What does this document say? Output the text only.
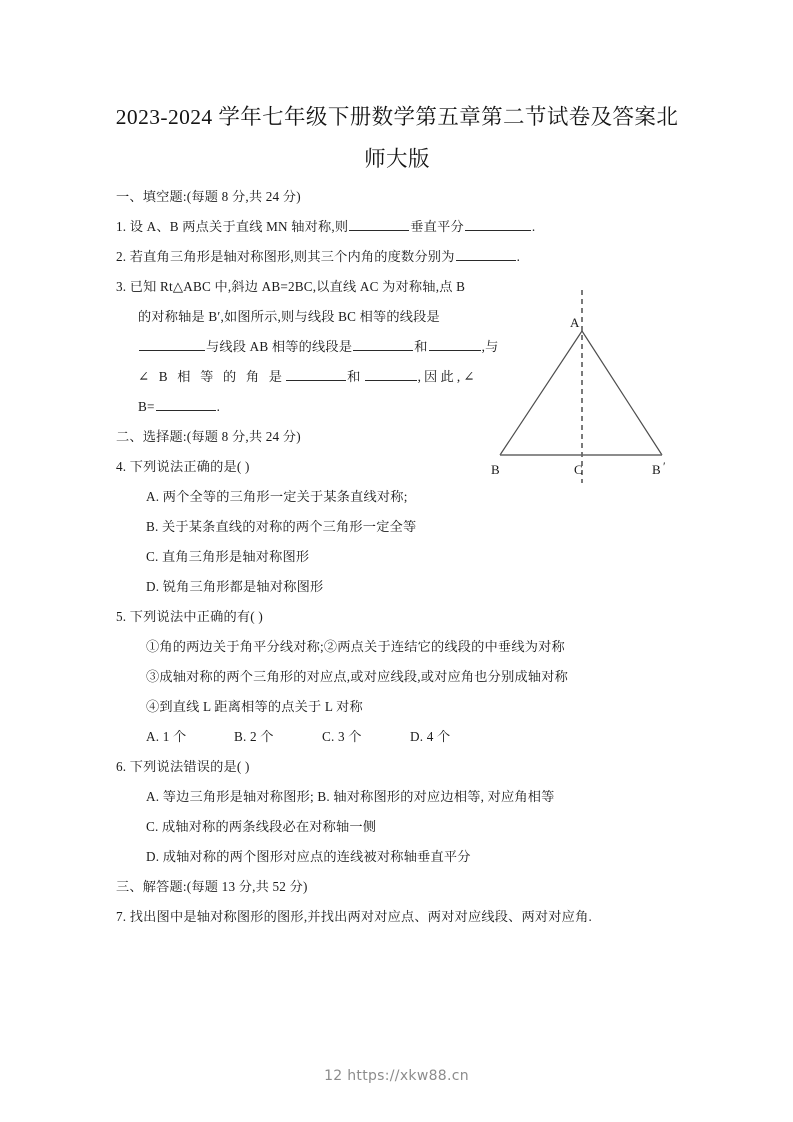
2023-2024 学年七年级下册数学第五章第二节试卷及答案北
师大版
一、填空题:(每题 8 分,共 24 分)
1. 设 A、B 两点关于直线 MN 轴对称,则	垂直平分	.
2. 若直角三角形是轴对称图形,则其三个内角的度数分别为	.
3. 已知 Rt△ABC 中,斜边 AB=2BC,以直线 AC 为对称轴,点 B
的对称轴是 B′,如图所示,则与线段 BC 相等的线段是
与线段 AB 相等的线段是	和	,与
∠ B 相 等 的 角 是	和	,因此,∠
B=	.
二、选择题:(每题 8 分,共 24 分)
4. 下列说法正确的是( )
A. 两个全等的三角形一定关于某条直线对称;
B. 关于某条直线的对称的两个三角形一定全等
C. 直角三角形是轴对称图形
D. 锐角三角形都是轴对称图形
5. 下列说法中正确的有( )
①角的两边关于角平分线对称;②两点关于连结它的线段的中垂线为对称
③成轴对称的两个三角形的对应点,或对应线段,或对应角也分别成轴对称
④到直线 L 距离相等的点关于 L 对称
A. 1 个	B. 2 个	C. 3 个	D. 4 个
6. 下列说法错误的是( )
A. 等边三角形是轴对称图形; B. 轴对称图形的对应边相等, 对应角相等
C. 成轴对称的两条线段必在对称轴一侧
D. 成轴对称的两个图形对应点的连线被对称轴垂直平分
三、解答题:(每题 13 分,共 52 分)
7. 找出图中是轴对称图形的图形,并找出两对对应点、两对对应线段、两对对应角.
A
B	C	B ′
12 https://xkw88.cn
